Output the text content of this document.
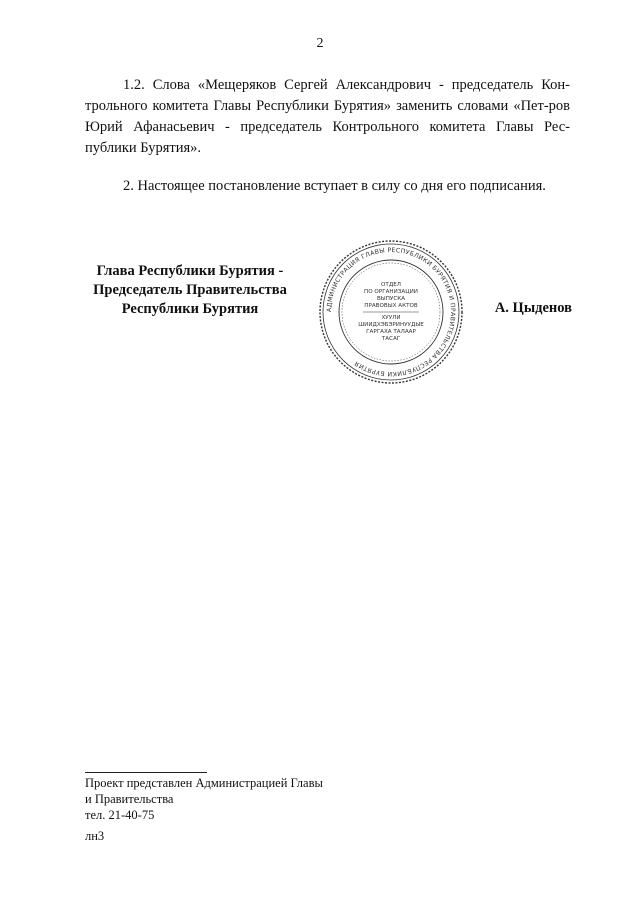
2
1.2. Слова «Мещеряков Сергей Александрович - председатель Кон-трольного комитета Главы Республики Бурятия» заменить словами «Пет-ров Юрий Афанасьевич - председатель Контрольного комитета Главы Рес-публики Бурятия».
2. Настоящее постановление вступает в силу со дня его подписания.
Глава Республики Бурятия -
Председатель Правительства
Республики Бурятия	АДМИНИСТРАЦИЯ ГЛАВЫ РЕСПУБЛИКИ БУРЯТИЯ И ПРАВИТЕЛЬСТВА РЕСПУБЛИКИ БУРЯТИЯ
ОТДЕЛ
ПО ОРГАНИЗАЦИИ
ВЫПУСКА
ПРАВОВЫХ АКТОВ
ХУУЛИ
ШИИДХЭБЭРИНУУДЫЕ
ГАРГАХА ТАЛААР
ТАСАГ
А. Цыденов
Проект представлен Администрацией Главы
и Правительства
тел. 21-40-75
лн3
